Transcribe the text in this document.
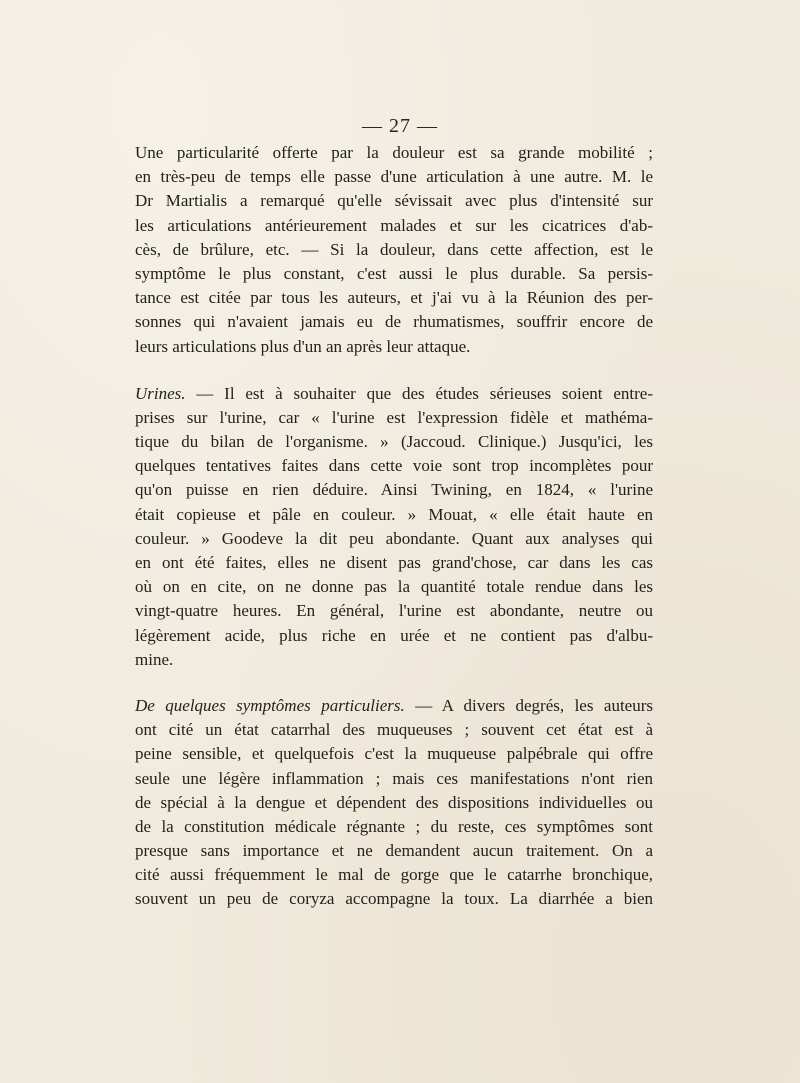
— 27 —
Une particularité offerte par la douleur est sa grande mobilité ;
en très-peu de temps elle passe d'une articulation à une autre. M. le
Dr Martialis a remarqué qu'elle sévissait avec plus d'intensité sur
les articulations antérieurement malades et sur les cicatrices d'ab-
cès, de brûlure, etc. — Si la douleur, dans cette affection, est le
symptôme le plus constant, c'est aussi le plus durable. Sa persis-
tance est citée par tous les auteurs, et j'ai vu à la Réunion des per-
sonnes qui n'avaient jamais eu de rhumatismes, souffrir encore de
leurs articulations plus d'un an après leur attaque.
Urines. — Il est à souhaiter que des études sérieuses soient entre-
prises sur l'urine, car « l'urine est l'expression fidèle et mathéma-
tique du bilan de l'organisme. » (Jaccoud. Clinique.) Jusqu'ici, les
quelques tentatives faites dans cette voie sont trop incomplètes pour
qu'on puisse en rien déduire. Ainsi Twining, en 1824, « l'urine
était copieuse et pâle en couleur. » Mouat, « elle était haute en
couleur. » Goodeve la dit peu abondante. Quant aux analyses qui
en ont été faites, elles ne disent pas grand'chose, car dans les cas
où on en cite, on ne donne pas la quantité totale rendue dans les
vingt-quatre heures. En général, l'urine est abondante, neutre ou
légèrement acide, plus riche en urée et ne contient pas d'albu-
mine.
De quelques symptômes particuliers. — A divers degrés, les auteurs
ont cité un état catarrhal des muqueuses ; souvent cet état est à
peine sensible, et quelquefois c'est la muqueuse palpébrale qui offre
seule une légère inflammation ; mais ces manifestations n'ont rien
de spécial à la dengue et dépendent des dispositions individuelles ou
de la constitution médicale régnante ; du reste, ces symptômes sont
presque sans importance et ne demandent aucun traitement. On a
cité aussi fréquemment le mal de gorge que le catarrhe bronchique,
souvent un peu de coryza accompagne la toux. La diarrhée a bien
